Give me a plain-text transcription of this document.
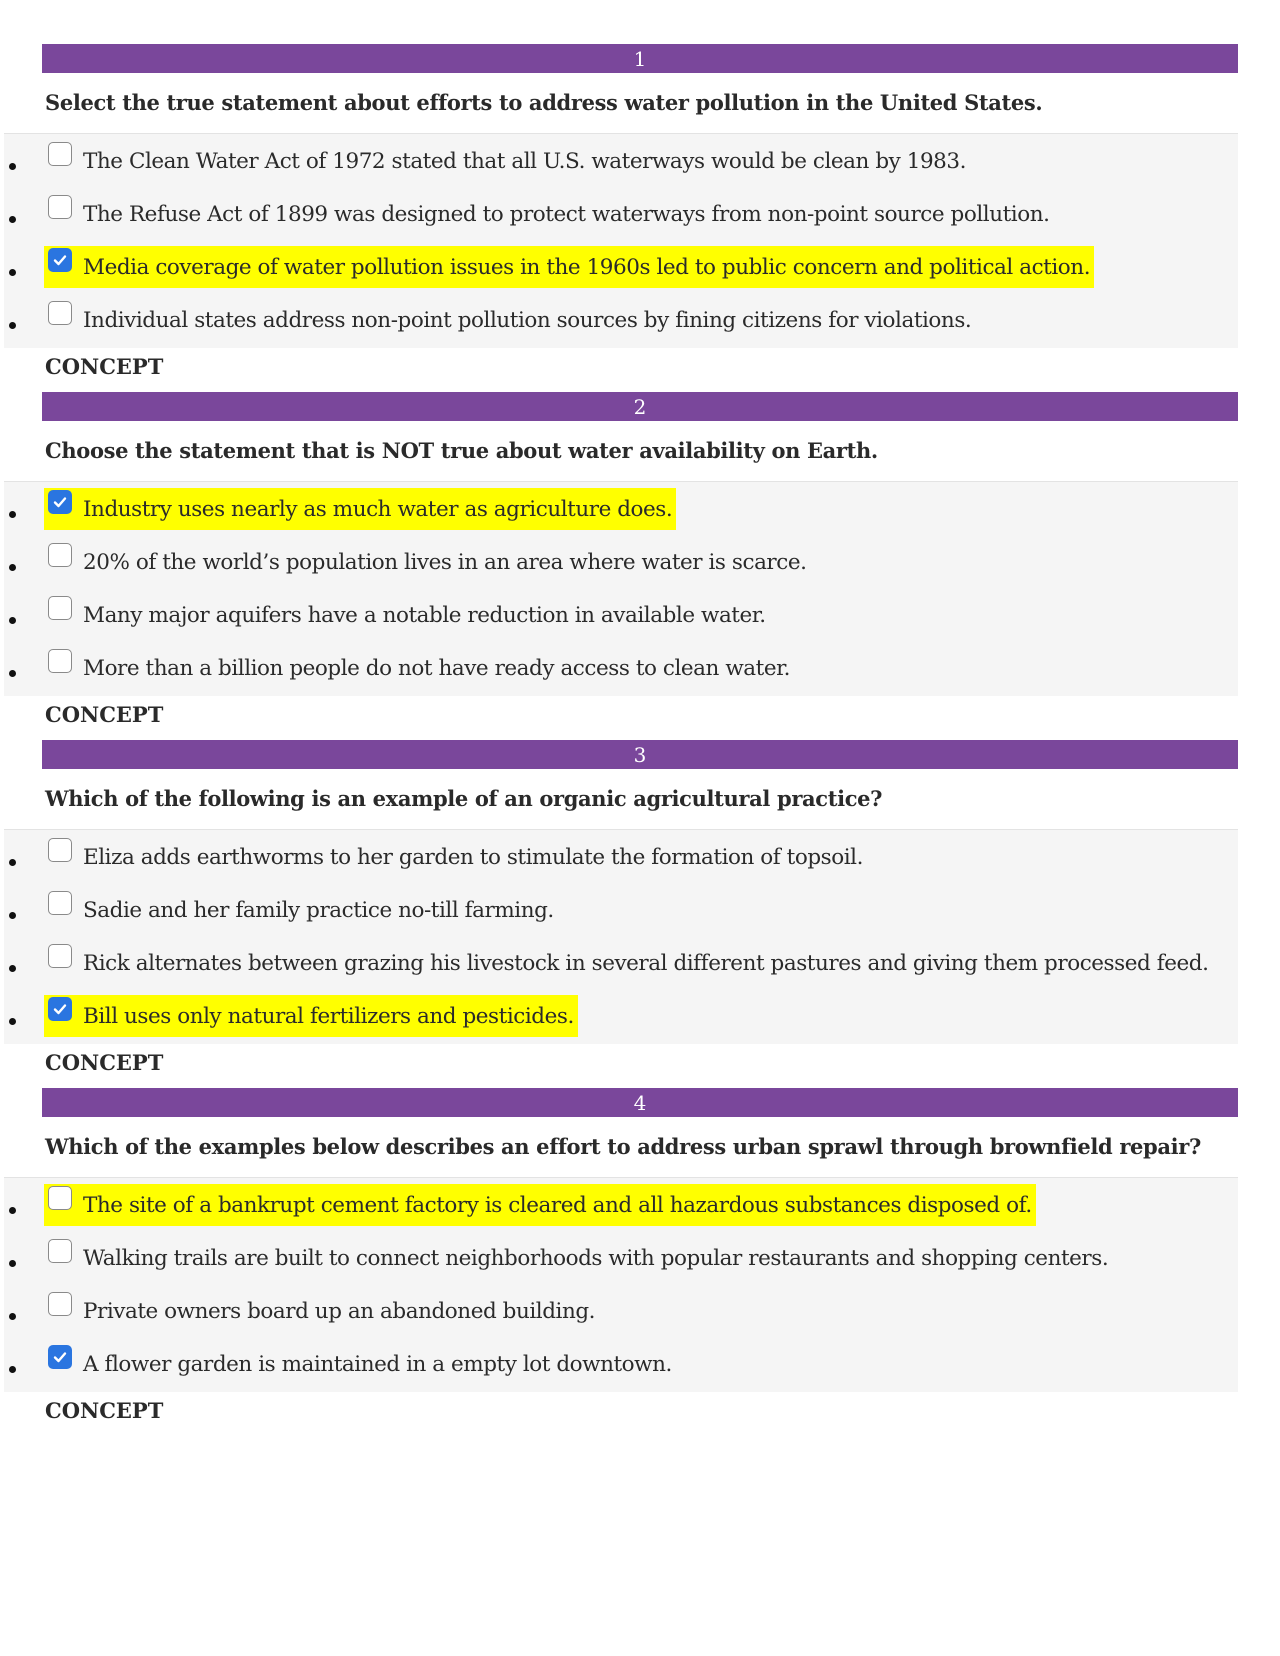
1
Select the true statement about efforts to address water pollution in the United States.
The Clean Water Act of 1972 stated that all U.S. waterways would be clean by 1983.
The Refuse Act of 1899 was designed to protect waterways from non-point source pollution.
Media coverage of water pollution issues in the 1960s led to public concern and political action.
Individual states address non-point pollution sources by fining citizens for violations.
CONCEPT
2
Choose the statement that is NOT true about water availability on Earth.
Industry uses nearly as much water as agriculture does.
20% of the world’s population lives in an area where water is scarce.
Many major aquifers have a notable reduction in available water.
More than a billion people do not have ready access to clean water.
CONCEPT
3
Which of the following is an example of an organic agricultural practice?
Eliza adds earthworms to her garden to stimulate the formation of topsoil.
Sadie and her family practice no-till farming.
Rick alternates between grazing his livestock in several different pastures and giving them processed feed.
Bill uses only natural fertilizers and pesticides.
CONCEPT
4
Which of the examples below describes an effort to address urban sprawl through brownfield repair?
The site of a bankrupt cement factory is cleared and all hazardous substances disposed of.
Walking trails are built to connect neighborhoods with popular restaurants and shopping centers.
Private owners board up an abandoned building.
A flower garden is maintained in a empty lot downtown.
CONCEPT
